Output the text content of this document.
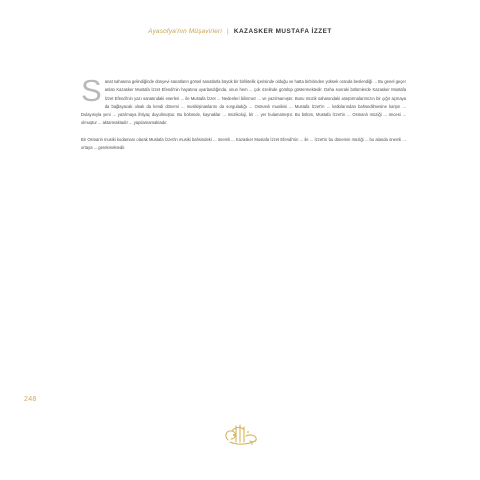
Ayasofya'nın Müşavirleri | KAZASKER MUSTAFA İZZET

S anat sahasına gelindiğinde dünyevi sanatların görsel sanatlarla büyük bir birliktelik içerisinde olduğu ve hatta birbirinden yüksek oranda beslendiği ... Bu genel geçer anlatı Kazasker Mustafa İzzet Efendi'nin hayatına uyarlandığında, onun hem ... çok özelinde görülüp göstermektedir. Daha sonraki bölümlerde Kazasker Mustafa İzzet Efendi'nin yazı sanatındaki eserleri ... ile Mustafa İzzet ... Nedenleri bilinmez ... ve yazılmamıştır. Bunu müzik sahasındaki araştırmalarımızın bir çığır açmaya da bağlayacak olsak da kendi dönemi ... musikişinaslarını da sorguladığı ... Osmanlı musikisi ... Mustafa İzzet'in ... katkılarından bahsedilmesine karşın ... Dolayısıyla yeni ... yazılmaya ihtiyaç duyulmuştur. Bu bölümde, kaynaklar ... müzikoloji, bir ... yer bulamamıştır. Bu bölüm, Mustafa İzzet'in ... Osmanlı müziği ... öncesi ... olmuştur ... aktarmaktadır ... yapılamamaktadır.

Bir Osmanlı musiki kodamanı olarak Mustafa İzzet'in musiki bahsindeki ... önemli ... Kazasker Mustafa İzzet Efendi'nin ... ile ... İzzet'in bu dönemin müziği ... bu alanda önemli ... ortaya ... gerekmektedir.

248
